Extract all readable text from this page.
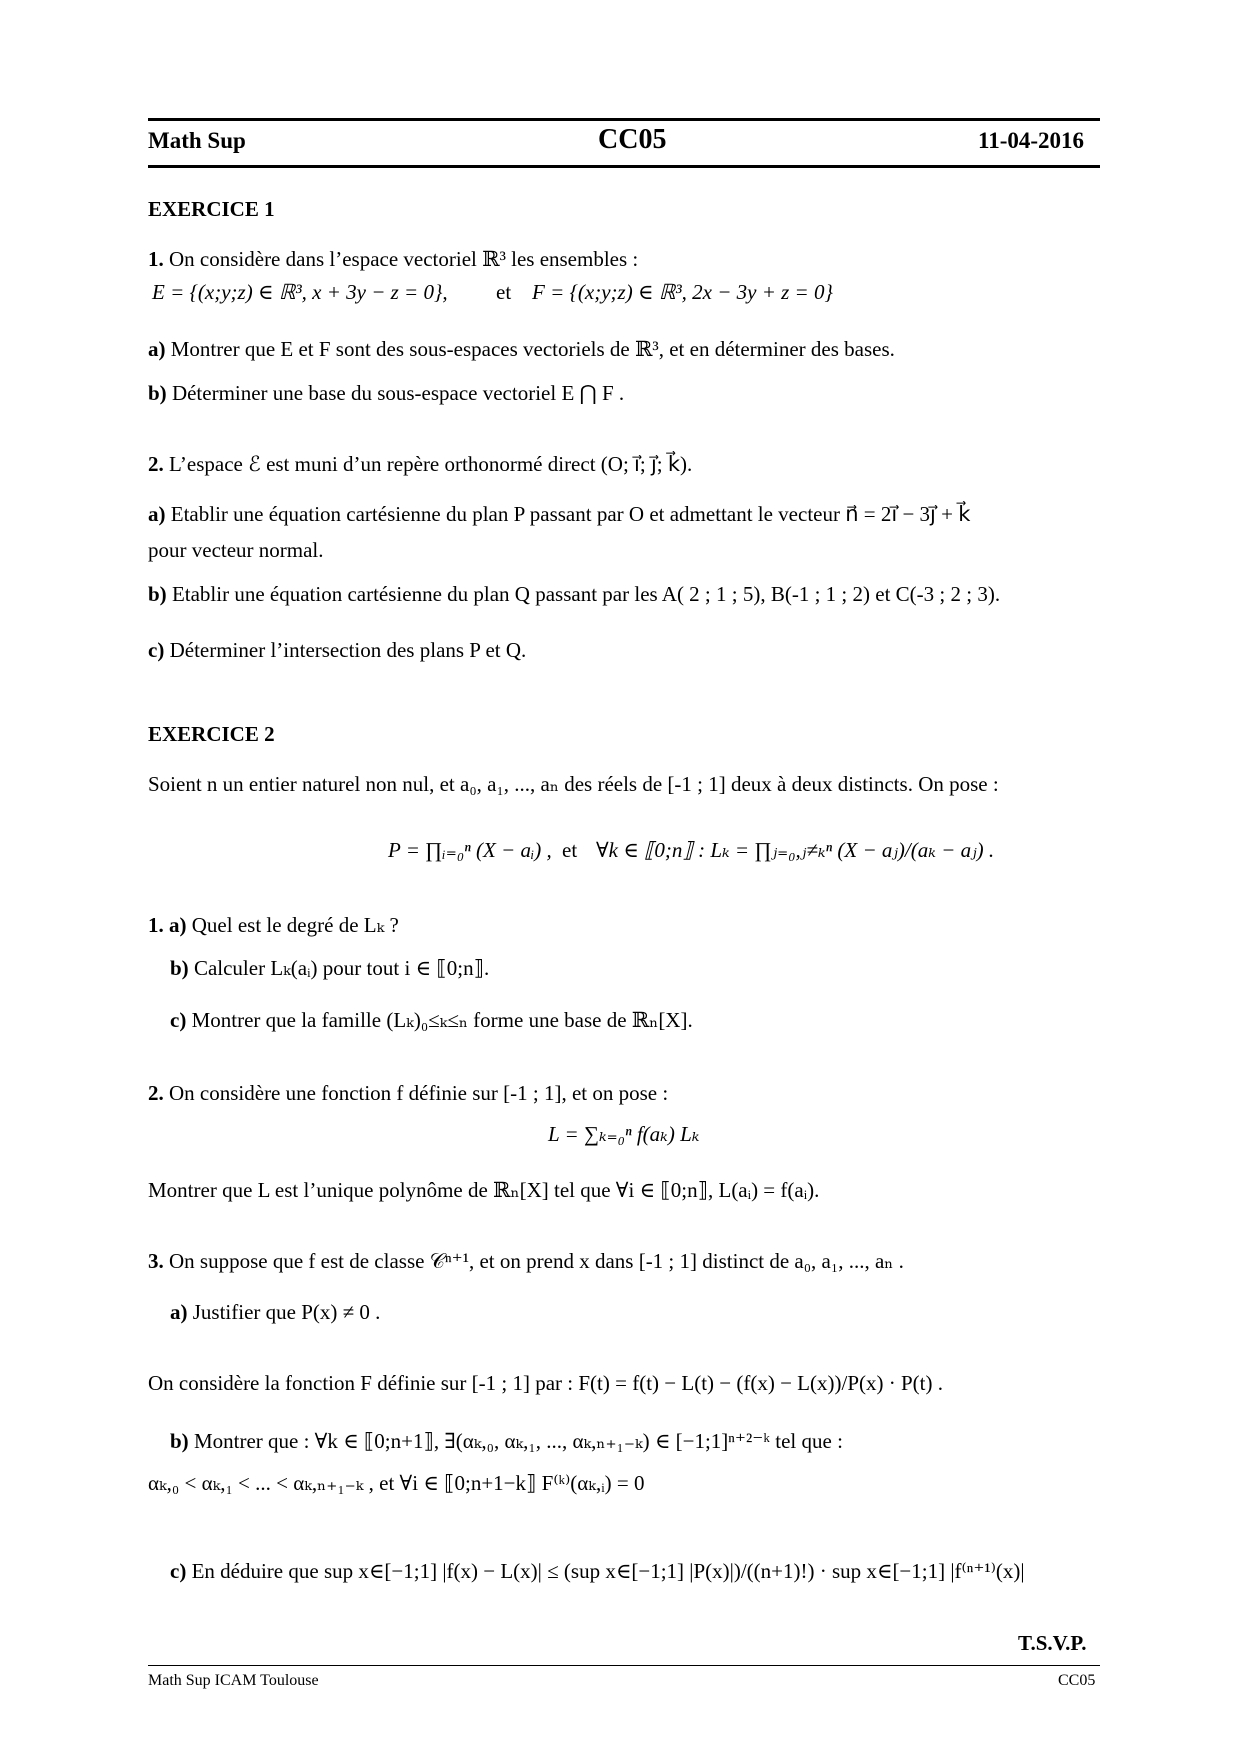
Math Sup	CC05	11-04-2016
EXERCICE 1
1. On considère dans l’espace vectoriel ℝ³ les ensembles :
E = {(x;y;z) ∈ ℝ³, x + 3y − z = 0}, et F = {(x;y;z) ∈ ℝ³, 2x − 3y + z = 0}
a) Montrer que E et F sont des sous-espaces vectoriels de ℝ³, et en déterminer des bases.
b) Déterminer une base du sous-espace vectoriel E ⋂ F .
2. L’espace ℰ est muni d’un repère orthonormé direct (O; i⃗; j⃗; k⃗).
a) Etablir une équation cartésienne du plan P passant par O et admettant le vecteur n⃗ = 2i⃗ − 3j⃗ + k⃗
pour vecteur normal.
b) Etablir une équation cartésienne du plan Q passant par les A( 2 ; 1 ; 5), B(-1 ; 1 ; 2) et C(-3 ; 2 ; 3).
c) Déterminer l’intersection des plans P et Q.
EXERCICE 2
Soient n un entier naturel non nul, et a₀, a₁, ..., aₙ des réels de [-1 ; 1] deux à deux distincts. On pose :
P = ∏ᵢ₌₀ⁿ (X − aᵢ) , et ∀k ∈ ⟦0;n⟧ : Lₖ = ∏ⱼ₌₀,ⱼ≠ₖⁿ (X − aⱼ)/(aₖ − aⱼ) .
1. a) Quel est le degré de Lₖ ?
b) Calculer Lₖ(aᵢ) pour tout i ∈ ⟦0;n⟧.
c) Montrer que la famille (Lₖ)₀≤ₖ≤ₙ forme une base de ℝₙ[X].
2. On considère une fonction f définie sur [-1 ; 1], et on pose :
L = ∑ₖ₌₀ⁿ f(aₖ) Lₖ
Montrer que L est l’unique polynôme de ℝₙ[X] tel que ∀i ∈ ⟦0;n⟧, L(aᵢ) = f(aᵢ).
3. On suppose que f est de classe 𝒞ⁿ⁺¹, et on prend x dans [-1 ; 1] distinct de a₀, a₁, ..., aₙ .
a) Justifier que P(x) ≠ 0 .
On considère la fonction F définie sur [-1 ; 1] par : F(t) = f(t) − L(t) − (f(x) − L(x))/P(x) · P(t) .
b) Montrer que : ∀k ∈ ⟦0;n+1⟧, ∃(αₖ,₀, αₖ,₁, ..., αₖ,ₙ₊₁₋ₖ) ∈ [−1;1]ⁿ⁺²⁻ᵏ tel que :
αₖ,₀ < αₖ,₁ < ... < αₖ,ₙ₊₁₋ₖ , et ∀i ∈ ⟦0;n+1−k⟧ F⁽ᵏ⁾(αₖ,ᵢ) = 0
c) En déduire que sup x∈[−1;1] |f(x) − L(x)| ≤ (sup x∈[−1;1] |P(x)|)/((n+1)!) · sup x∈[−1;1] |f⁽ⁿ⁺¹⁾(x)|
T.S.V.P.
Math Sup ICAM Toulouse	CC05
